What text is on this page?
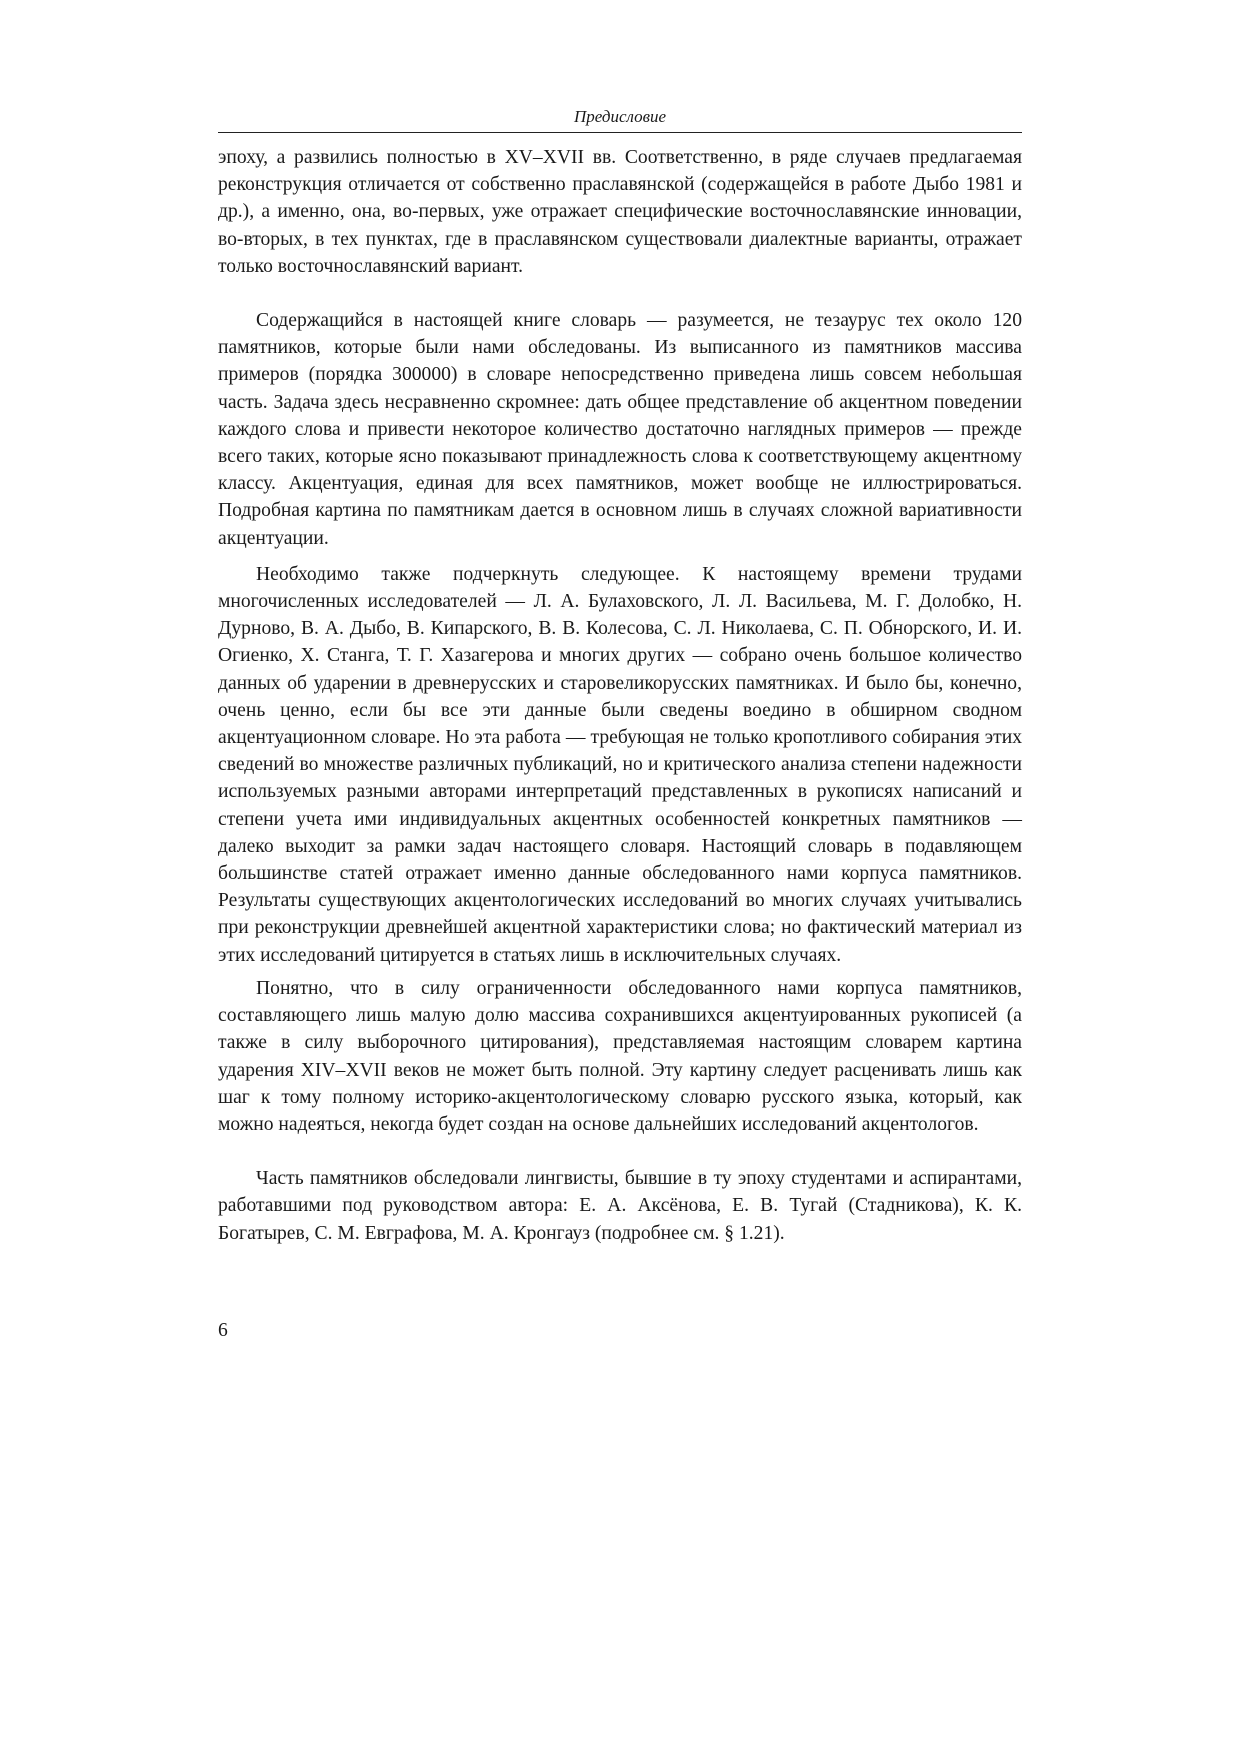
Предисловие

эпоху, а развились полностью в XV–XVII вв. Соответственно, в ряде случаев предлагаемая реконструкция отличается от собственно праславянской (содержащейся в работе Дыбо 1981 и др.), а именно, она, во-первых, уже отражает специфические восточнославянские инновации, во-вторых, в тех пунктах, где в праславянском существовали диалектные варианты, отражает только восточнославянский вариант.

Содержащийся в настоящей книге словарь — разумеется, не тезаурус тех около 120 памятников, которые были нами обследованы. Из выписанного из памятников массива примеров (порядка 300000) в словаре непосредственно приведена лишь совсем небольшая часть. Задача здесь несравненно скромнее: дать общее представление об акцентном поведении каждого слова и привести некоторое количество достаточно наглядных примеров — прежде всего таких, которые ясно показывают принадлежность слова к соответствующему акцентному классу. Акцентуация, единая для всех памятников, может вообще не иллюстрироваться. Подробная картина по памятникам дается в основном лишь в случаях сложной вариативности акцентуации.

Необходимо также подчеркнуть следующее. К настоящему времени трудами многочисленных исследователей — Л. А. Булаховского, Л. Л. Васильева, М. Г. Долобко, Н. Дурново, В. А. Дыбо, В. Кипарского, В. В. Колесова, С. Л. Николаева, С. П. Обнорского, И. И. Огиенко, Х. Станга, Т. Г. Хазагерова и многих других — собрано очень большое количество данных об ударении в древнерусских и старовеликорусских памятниках. И было бы, конечно, очень ценно, если бы все эти данные были сведены воедино в обширном сводном акцентуационном словаре. Но эта работа — требующая не только кропотливого собирания этих сведений во множестве различных публикаций, но и критического анализа степени надежности используемых разными авторами интерпретаций представленных в рукописях написаний и степени учета ими индивидуальных акцентных особенностей конкретных памятников — далеко выходит за рамки задач настоящего словаря. Настоящий словарь в подавляющем большинстве статей отражает именно данные обследованного нами корпуса памятников. Результаты существующих акцентологических исследований во многих случаях учитывались при реконструкции древнейшей акцентной характеристики слова; но фактический материал из этих исследований цитируется в статьях лишь в исключительных случаях.

Понятно, что в силу ограниченности обследованного нами корпуса памятников, составляющего лишь малую долю массива сохранившихся акцентуированных рукописей (а также в силу выборочного цитирования), представляемая настоящим словарем картина ударения XIV–XVII веков не может быть полной. Эту картину следует расценивать лишь как шаг к тому полному историко-акцентологическому словарю русского языка, который, как можно надеяться, некогда будет создан на основе дальнейших исследований акцентологов.

Часть памятников обследовали лингвисты, бывшие в ту эпоху студентами и аспирантами, работавшими под руководством автора: Е. А. Аксёнова, Е. В. Тугай (Стадникова), К. К. Богатырев, С. М. Евграфова, М. А. Кронгауз (подробнее см. § 1.21).

6
